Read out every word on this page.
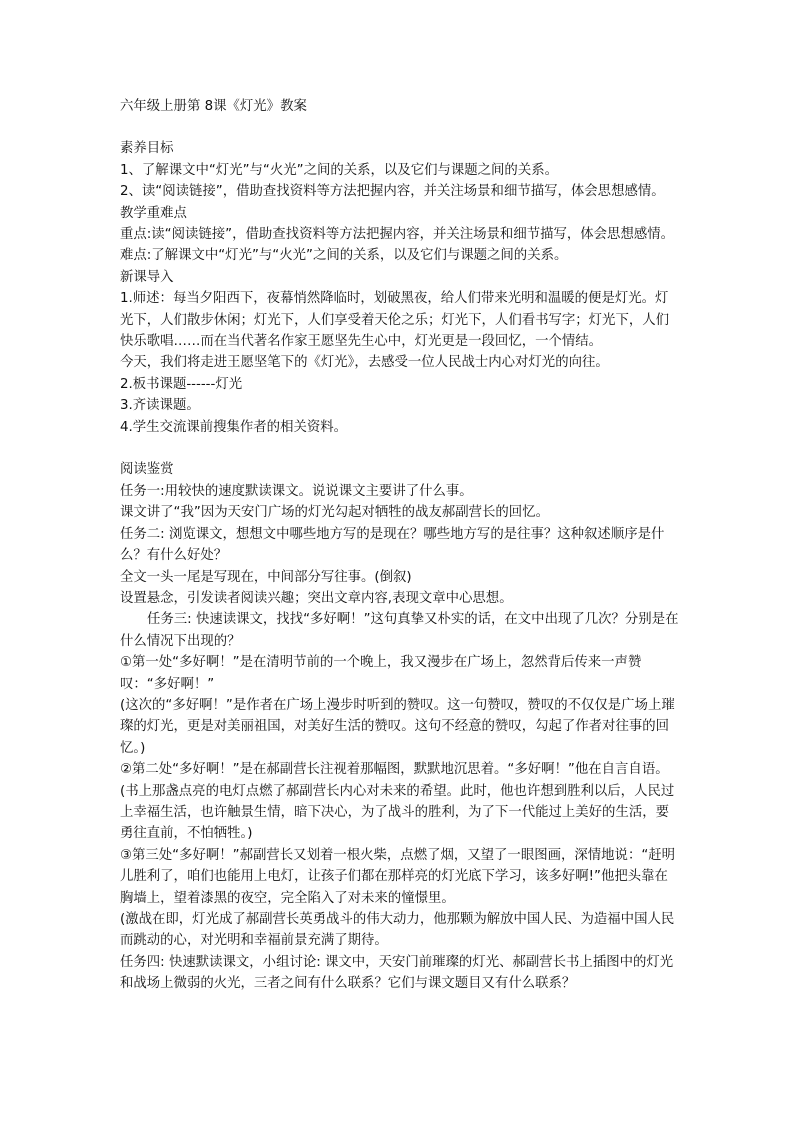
六年级上册第 8课《灯光》教案

素养目标

1、了解课文中“灯光”与“火光”之间的关系，以及它们与课题之间的关系。

2、读“阅读链接”，借助查找资料等方法把握内容，并关注场景和细节描写，体会思想感情。

教学重难点

重点:读“阅读链接”，借助查找资料等方法把握内容，并关注场景和细节描写，体会思想感情。

难点:了解课文中“灯光”与“火光”之间的关系，以及它们与课题之间的关系。

新课导入

1.师述：每当夕阳西下，夜幕悄然降临时，划破黑夜，给人们带来光明和温暖的便是灯光。灯光下，人们散步休闲；灯光下，人们享受着天伦之乐；灯光下，人们看书写字；灯光下，人们快乐歌唱……而在当代著名作家王愿坚先生心中，灯光更是一段回忆，一个情结。

今天，我们将走进王愿坚笔下的《灯光》，去感受一位人民战士内心对灯光的向往。

2.板书课题------灯光

3.齐读课题。

4.学生交流课前搜集作者的相关资料。

阅读鉴赏

任务一:用较快的速度默读课文。说说课文主要讲了什么事。

课文讲了“我”因为天安门广场的灯光勾起对牺牲的战友郝副营长的回忆。

任务二: 浏览课文，想想文中哪些地方写的是现在？哪些地方写的是往事？这种叙述顺序是什么？有什么好处？

全文一头一尾是写现在，中间部分写往事。(倒叙)

设置悬念，引发读者阅读兴趣；突出文章内容,表现文章中心思想。

任务三: 快速读课文，找找“多好啊！”这句真挚又朴实的话，在文中出现了几次？分别是在什么情况下出现的？

①第一处“多好啊！”是在清明节前的一个晚上，我又漫步在广场上，忽然背后传来一声赞叹：“多好啊！”

(这次的“多好啊！”是作者在广场上漫步时听到的赞叹。这一句赞叹，赞叹的不仅仅是广场上璀璨的灯光，更是对美丽祖国，对美好生活的赞叹。这句不经意的赞叹，勾起了作者对往事的回忆。)

②第二处“多好啊！”是在郝副营长注视着那幅图，默默地沉思着。“多好啊！”他在自言自语。

(书上那盏点亮的电灯点燃了郝副营长内心对未来的希望。此时，他也许想到胜利以后，人民过上幸福生活，也许触景生情，暗下决心，为了战斗的胜利，为了下一代能过上美好的生活，要勇往直前，不怕牺牲。)

③第三处“多好啊！”郝副营长又划着一根火柴，点燃了烟，又望了一眼图画，深情地说：“赶明儿胜利了，咱们也能用上电灯，让孩子们都在那样亮的灯光底下学习，该多好啊!”他把头靠在胸墙上，望着漆黑的夜空，完全陷入了对未来的憧憬里。

(激战在即，灯光成了郝副营长英勇战斗的伟大动力，他那颗为解放中国人民、为造福中国人民而跳动的心，对光明和幸福前景充满了期待。

任务四: 快速默读课文，小组讨论: 课文中，天安门前璀璨的灯光、郝副营长书上插图中的灯光和战场上微弱的火光，三者之间有什么联系？它们与课文题目又有什么联系？
